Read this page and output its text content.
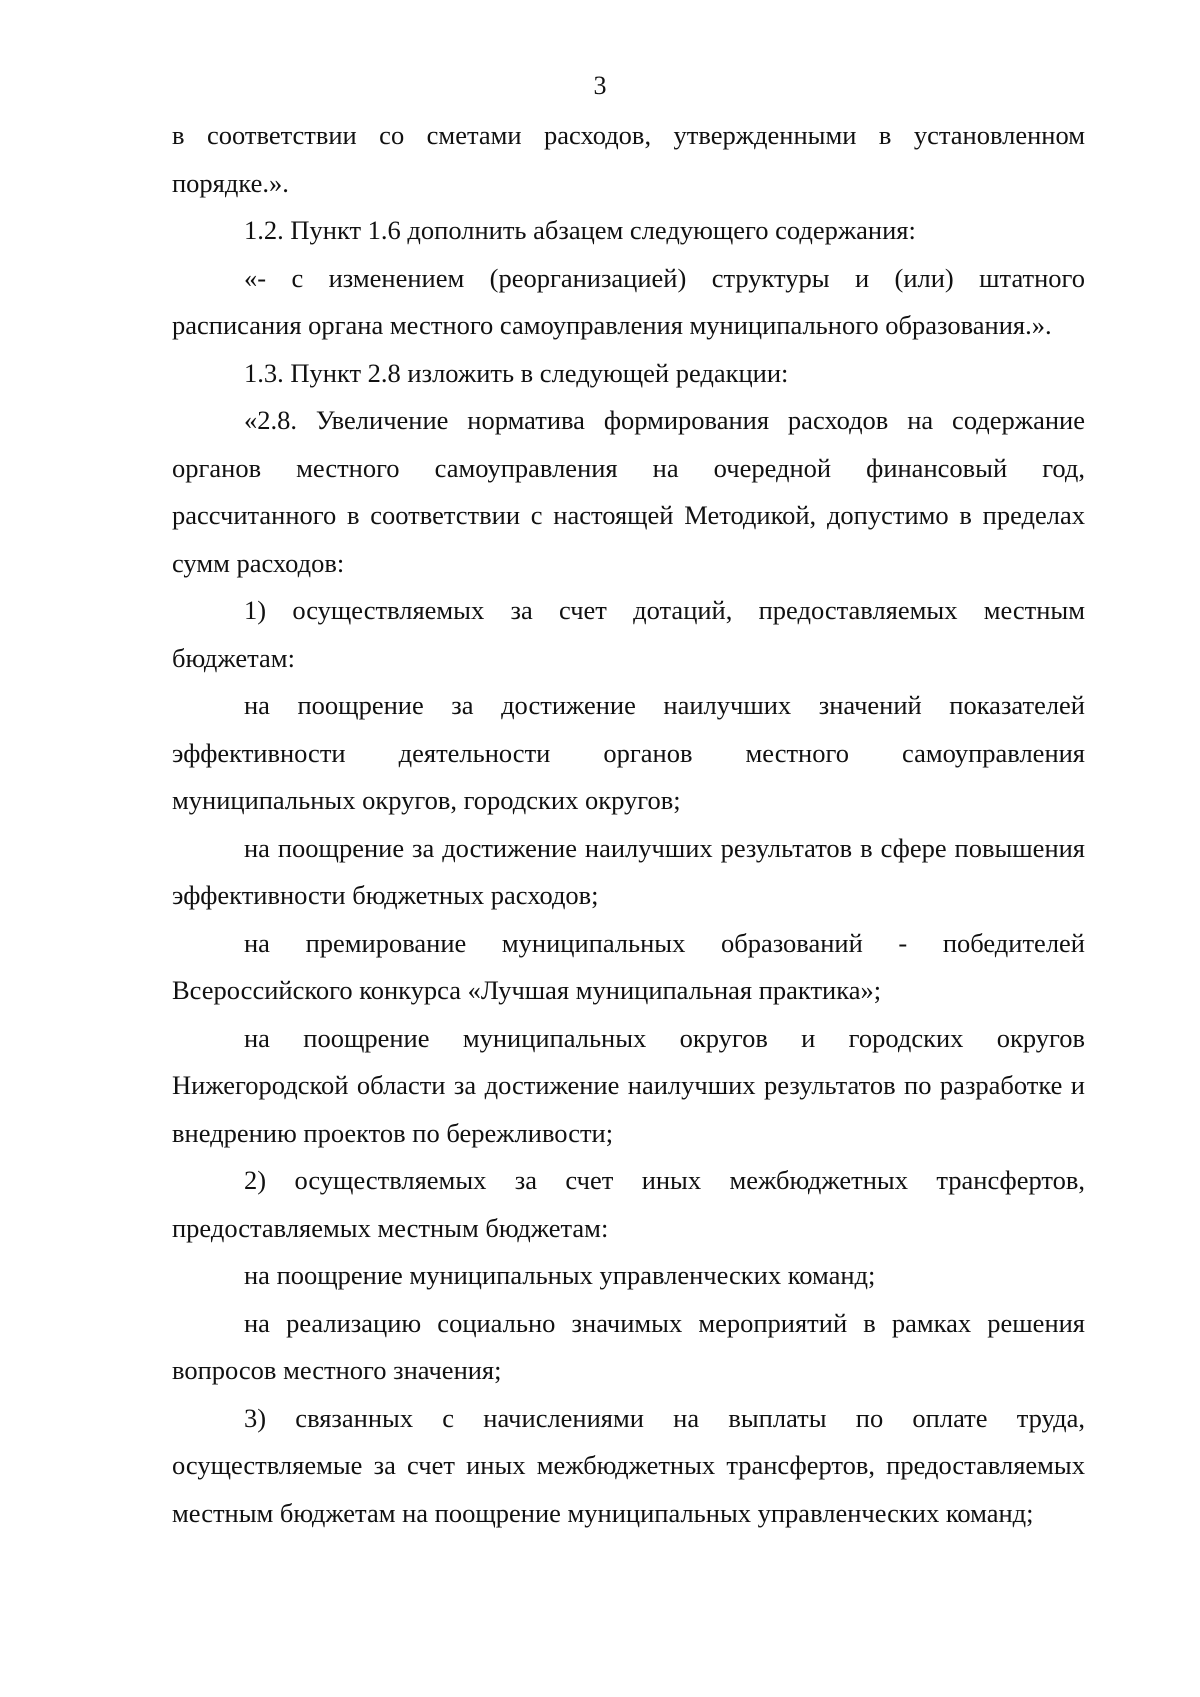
3

в соответствии со сметами расходов, утвержденными в установленном порядке.».

1.2. Пункт 1.6 дополнить абзацем следующего содержания:

«- с изменением (реорганизацией) структуры и (или) штатного расписания органа местного самоуправления муниципального образования.».

1.3. Пункт 2.8 изложить в следующей редакции:

«2.8. Увеличение норматива формирования расходов на содержание органов местного самоуправления на очередной финансовый год, рассчитанного в соответствии с настоящей Методикой, допустимо в пределах сумм расходов:

1) осуществляемых за счет дотаций, предоставляемых местным бюджетам:

на поощрение за достижение наилучших значений показателей эффективности деятельности органов местного самоуправления муниципальных округов, городских округов;

на поощрение за достижение наилучших результатов в сфере повышения эффективности бюджетных расходов;

на премирование муниципальных образований - победителей Всероссийского конкурса «Лучшая муниципальная практика»;

на поощрение муниципальных округов и городских округов Нижегородской области за достижение наилучших результатов по разработке и внедрению проектов по бережливости;

2) осуществляемых за счет иных межбюджетных трансфертов, предоставляемых местным бюджетам:

на поощрение муниципальных управленческих команд;

на реализацию социально значимых мероприятий в рамках решения вопросов местного значения;

3) связанных с начислениями на выплаты по оплате труда, осуществляемые за счет иных межбюджетных трансфертов, предоставляемых местным бюджетам на поощрение муниципальных управленческих команд;
